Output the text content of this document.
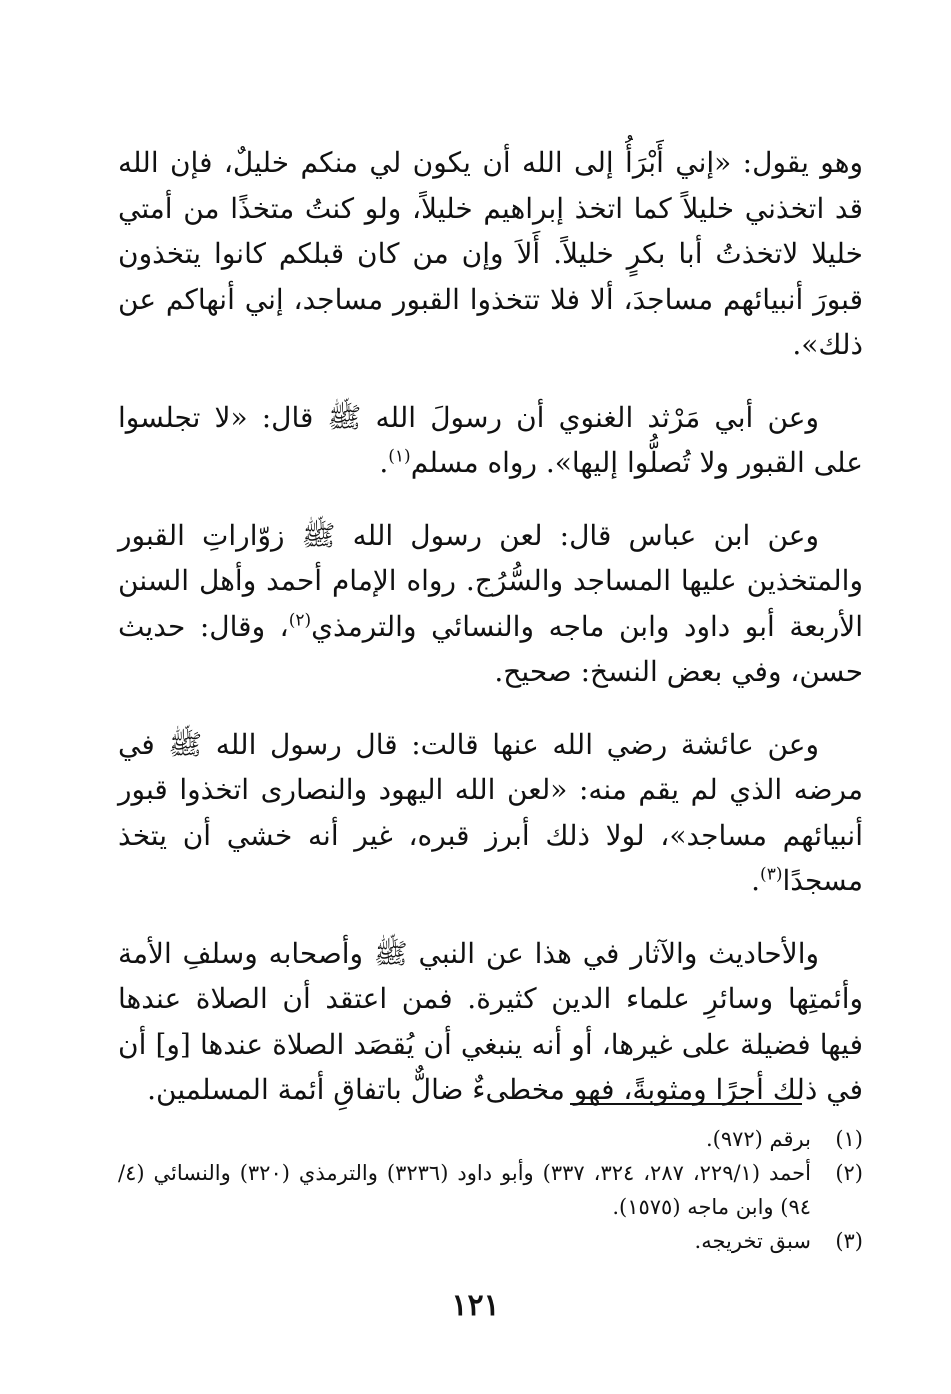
وهو يقول: «إني أَبْرَأُ إلى الله أن يكون لي منكم خليلٌ، فإن الله قد اتخذني خليلاً كما اتخذ إبراهيم خليلاً، ولو كنتُ متخذًا من أمتي خليلا لاتخذتُ أبا بكرٍ خليلاً. أَلاَ وإن من كان قبلكم كانوا يتخذون قبورَ أنبيائهم مساجدَ، ألا فلا تتخذوا القبور مساجد، إني أنهاكم عن ذلك».

وعن أبي مَرْثد الغنوي أن رسولَ الله ﷺ قال: «لا تجلسوا على القبور ولا تُصلُّوا إليها». رواه مسلم$^{(١)}$.

وعن ابن عباس قال: لعن رسول الله ﷺ زوّاراتِ القبور والمتخذين عليها المساجد والسُّرُج. رواه الإمام أحمد وأهل السنن الأربعة أبو داود وابن ماجه والنسائي والترمذي$^{(٢)}$، وقال: حديث حسن، وفي بعض النسخ: صحيح.

وعن عائشة رضي الله عنها قالت: قال رسول الله ﷺ في مرضه الذي لم يقم منه: «لعن الله اليهود والنصارى اتخذوا قبور أنبيائهم مساجد»، لولا ذلك أبرز قبره، غير أنه خشي أن يتخذ مسجدًا$^{(٣)}$.

والأحاديث والآثار في هذا عن النبي ﷺ وأصحابه وسلفِ الأمة وأئمتِها وسائرِ علماء الدين كثيرة. فمن اعتقد أن الصلاة عندها فيها فضيلة على غيرها، أو أنه ينبغي أن يُقصَد الصلاة عندها [و] أن في ذلك أجرًا ومثوبةً، فهو مخطىءٌ ضالٌّ باتفاقِ أئمة المسلمين.

(١)
برقم (٩٧٢).
(٢)
أحمد (٢٢٩/١، ٢٨٧، ٣٢٤، ٣٣٧) وأبو داود (٣٢٣٦) والترمذي (٣٢٠) والنسائي (٤/ ٩٤) وابن ماجه (١٥٧٥).
(٣)
سبق تخريجه.
١٢١
